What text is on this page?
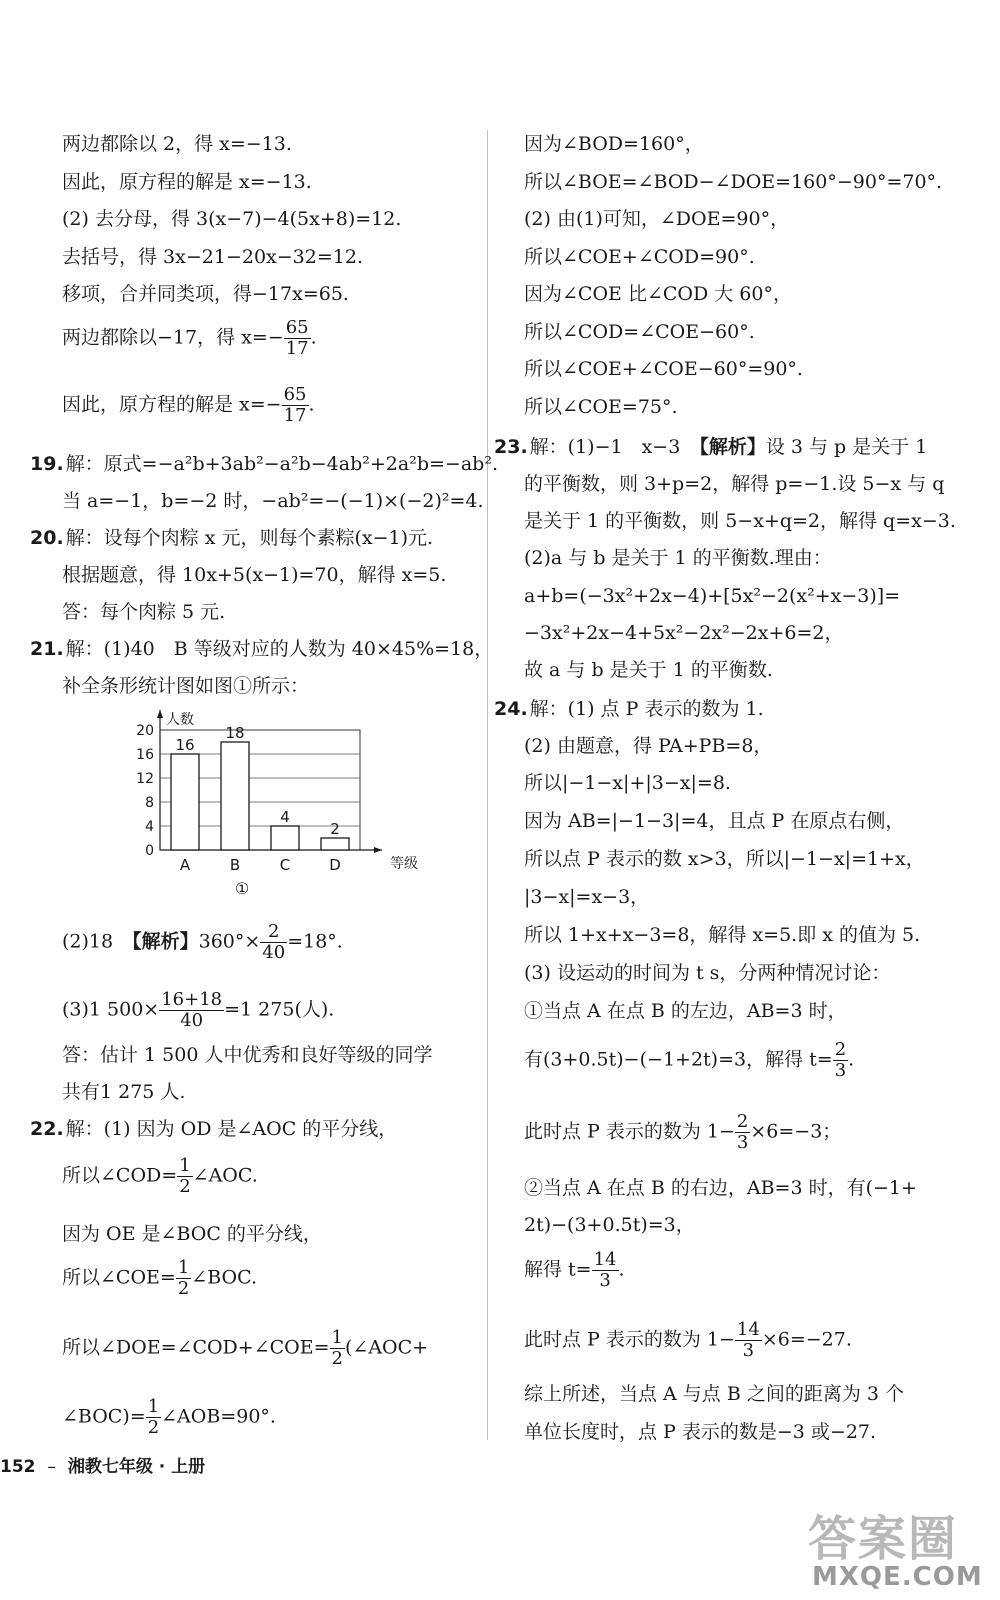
两边都除以 2，得 x=−13.
因此，原方程的解是 x=−13.
(2) 去分母，得 3(x−7)−4(5x+8)=12.
去括号，得 3x−21−20x−32=12.
移项，合并同类项，得−17x=65.
两边都除以−17，得 $x=- \frac{65}{17}$ .
因此，原方程的解是 $x=- \frac{65}{17}$ .
19. 解：原式=−a²b+3ab²−a²b−4ab²+2a²b=−ab².
当 a=−1，b=−2 时，−ab²=−(−1)×(−2)²=4.
20. 解：设每个肉粽 x 元，则每个素粽(x−1)元.
根据题意，得 10x+5(x−1)=70，解得 x=5.
答：每个肉粽 5 元.
21. 解：(1)40　B 等级对应的人数为 40×45%=18，
补全条形统计图如图①所示：
0
4
8
12
16
20
人数
等级
16
A
18
B
4
C
2
D
①
(2)18　【解析】$360^\circ\times \frac{2}{40} =18^\circ$.
(3)1 $500\times \frac{16+18}{40} =1$ 275(人).
答：估计 1 500 人中优秀和良好等级的同学
共有1 275 人.
22. 解：(1) 因为 OD 是∠AOC 的平分线，
所以∠COD= $\frac{1}{2}$ ∠AOC.
因为 OE 是∠BOC 的平分线，
所以∠COE= $\frac{1}{2}$ ∠BOC.
所以∠DOE=∠COD+∠COE= $\frac{1}{2}$ (∠AOC+
∠BOC)= $\frac{1}{2}$ ∠AOB=90°.
因为∠BOD=160°，
所以∠BOE=∠BOD−∠DOE=160°−90°=70°.
(2) 由(1)可知，∠DOE=90°，
所以∠COE+∠COD=90°.
因为∠COE 比∠COD 大 60°，
所以∠COD=∠COE−60°.
所以∠COE+∠COE−60°=90°.
所以∠COE=75°.
23. 解：(1)−1　x−3　【解析】设 3 与 p 是关于 1
的平衡数，则 3+p=2，解得 p=−1.设 5−x 与 q
是关于 1 的平衡数，则 5−x+q=2，解得 q=x−3.
(2)a 与 b 是关于 1 的平衡数.理由：
a+b=(−3x²+2x−4)+[5x²−2(x²+x−3)]=
−3x²+2x−4+5x²−2x²−2x+6=2，
故 a 与 b 是关于 1 的平衡数.
24. 解：(1) 点 P 表示的数为 1.
(2) 由题意，得 PA+PB=8，
所以|−1−x|+|3−x|=8.
因为 AB=|−1−3|=4，且点 P 在原点右侧，
所以点 P 表示的数 x>3，所以|−1−x|=1+x，
|3−x|=x−3，
所以 1+x+x−3=8，解得 x=5.即 x 的值为 5.
(3) 设运动的时间为 t s，分两种情况讨论：
①当点 A 在点 B 的左边，AB=3 时，
有(3+0.5t)−(−1+2t)=3，解得 $t= \frac{2}{3}$ .
此时点 P 表示的数为 $1- \frac{2}{3} \times 6=-3$；
②当点 A 在点 B 的右边，AB=3 时，有(−1+
2t)−(3+0.5t)=3，
解得 $t= \frac{14}{3}$ .
此时点 P 表示的数为 $1- \frac{14}{3} \times 6=-27$.
综上所述，当点 A 与点 B 之间的距离为 3 个
单位长度时，点 P 表示的数是−3 或−27.
152 – 湘教七年级 · 上册
答案圈
MXQE.COM
